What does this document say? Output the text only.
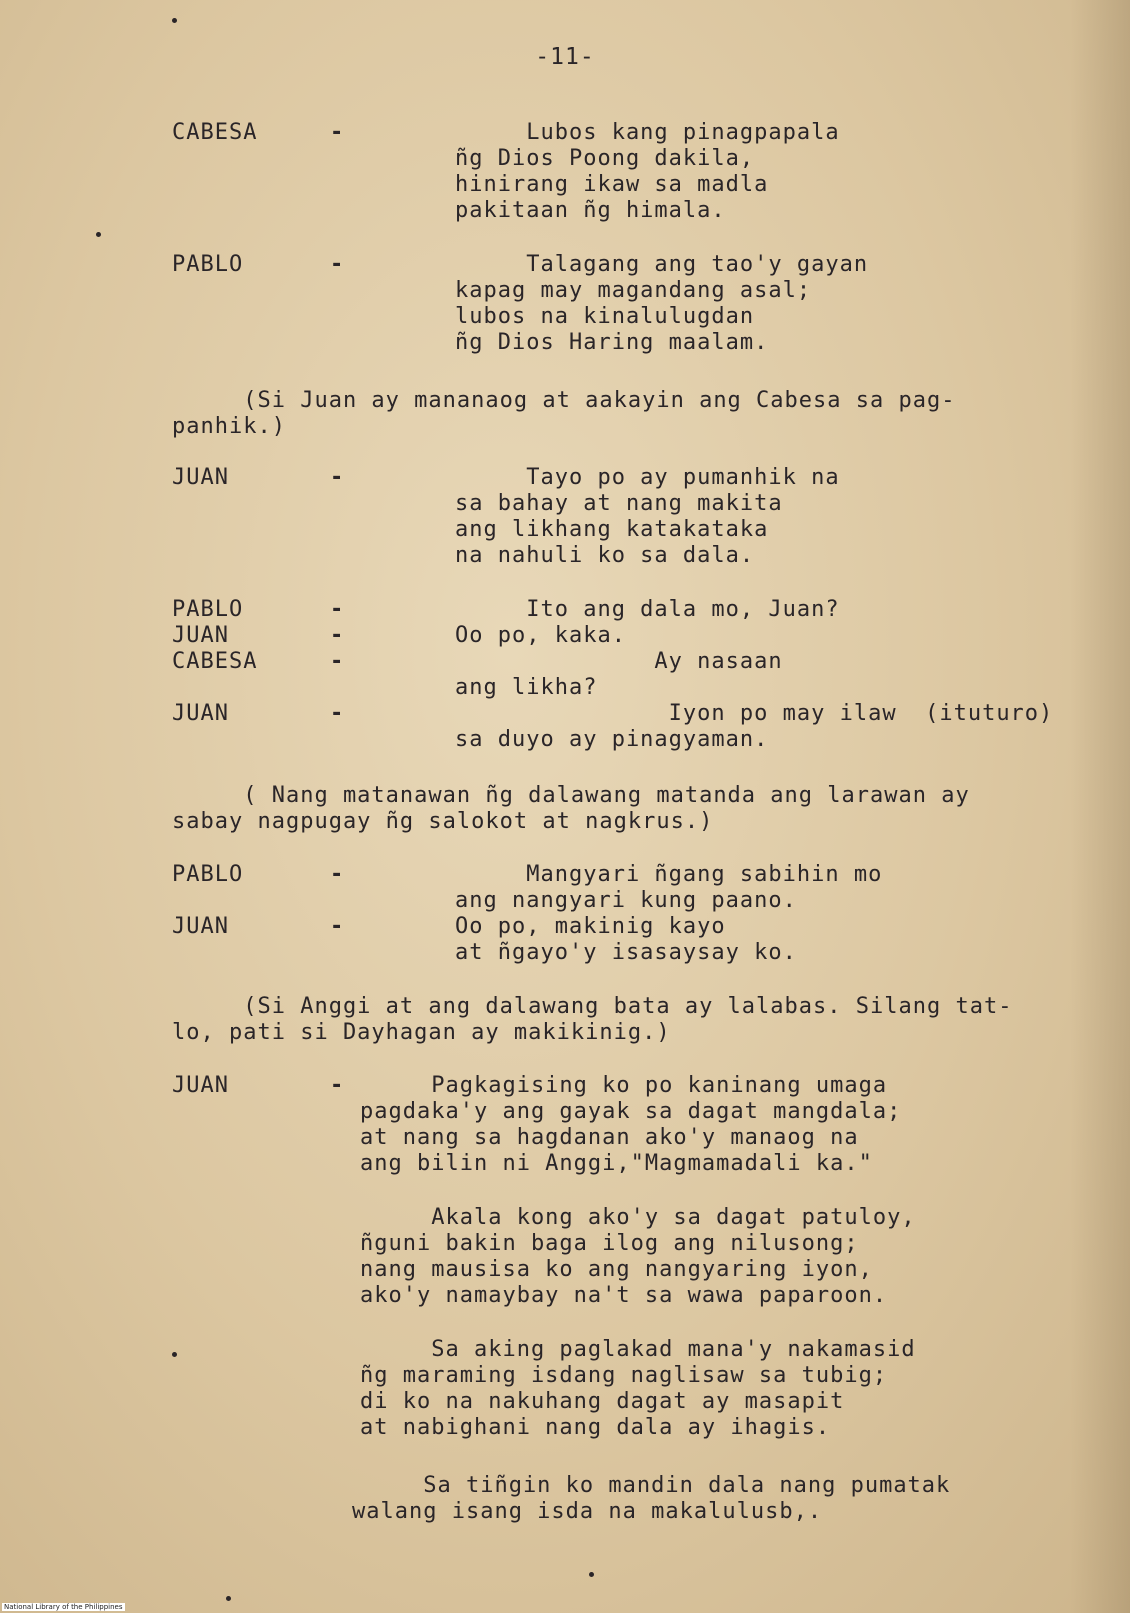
-11-
CABESA -	Lubos kang pinagpapala
ñg Dios Poong dakila,
hinirang ikaw sa madla
pakitaan ñg himala.
PABLO -	Talagang ang tao'y gayan
kapag may magandang asal;
lubos na kinalulugdan
ñg Dios Haring maalam.
(Si Juan ay mananaog at aakayin ang Cabesa sa pag-
panhik.)
JUAN -	Tayo po ay pumanhik na
sa bahay at nang makita
ang likhang katakataka
na nahuli ko sa dala.
PABLO -	Ito ang dala mo, Juan?
JUAN -	Oo po, kaka.
CABESA -	Ay nasaan
ang likha?
JUAN -	Iyon po may ilaw  (ituturo)
sa duyo ay pinagyaman.
( Nang matanawan ñg dalawang matanda ang larawan ay
sabay nagpugay ñg salokot at nagkrus.)
PABLO -	Mangyari ñgang sabihin mo
ang nangyari kung paano.
JUAN -	Oo po, makinig kayo
at ñgayo'y isasaysay ko.
(Si Anggi at ang dalawang bata ay lalabas. Silang tat-
lo, pati si Dayhagan ay makikinig.)
JUAN -	Pagkagising ko po kaninang umaga
pagdaka'y ang gayak sa dagat mangdala;
at nang sa hagdanan ako'y manaog na
ang bilin ni Anggi,"Magmamadali ka."
Akala kong ako'y sa dagat patuloy,
ñguni bakin baga ilog ang nilusong;
nang mausisa ko ang nangyaring iyon,
ako'y namaybay na't sa wawa paparoon.
Sa aking paglakad mana'y nakamasid
ñg maraming isdang naglisaw sa tubig;
di ko na nakuhang dagat ay masapit
at nabighani nang dala ay ihagis.
Sa tiñgin ko mandin dala nang pumatak
walang isang isda na makalulusb,.
National Library of the Philippines
